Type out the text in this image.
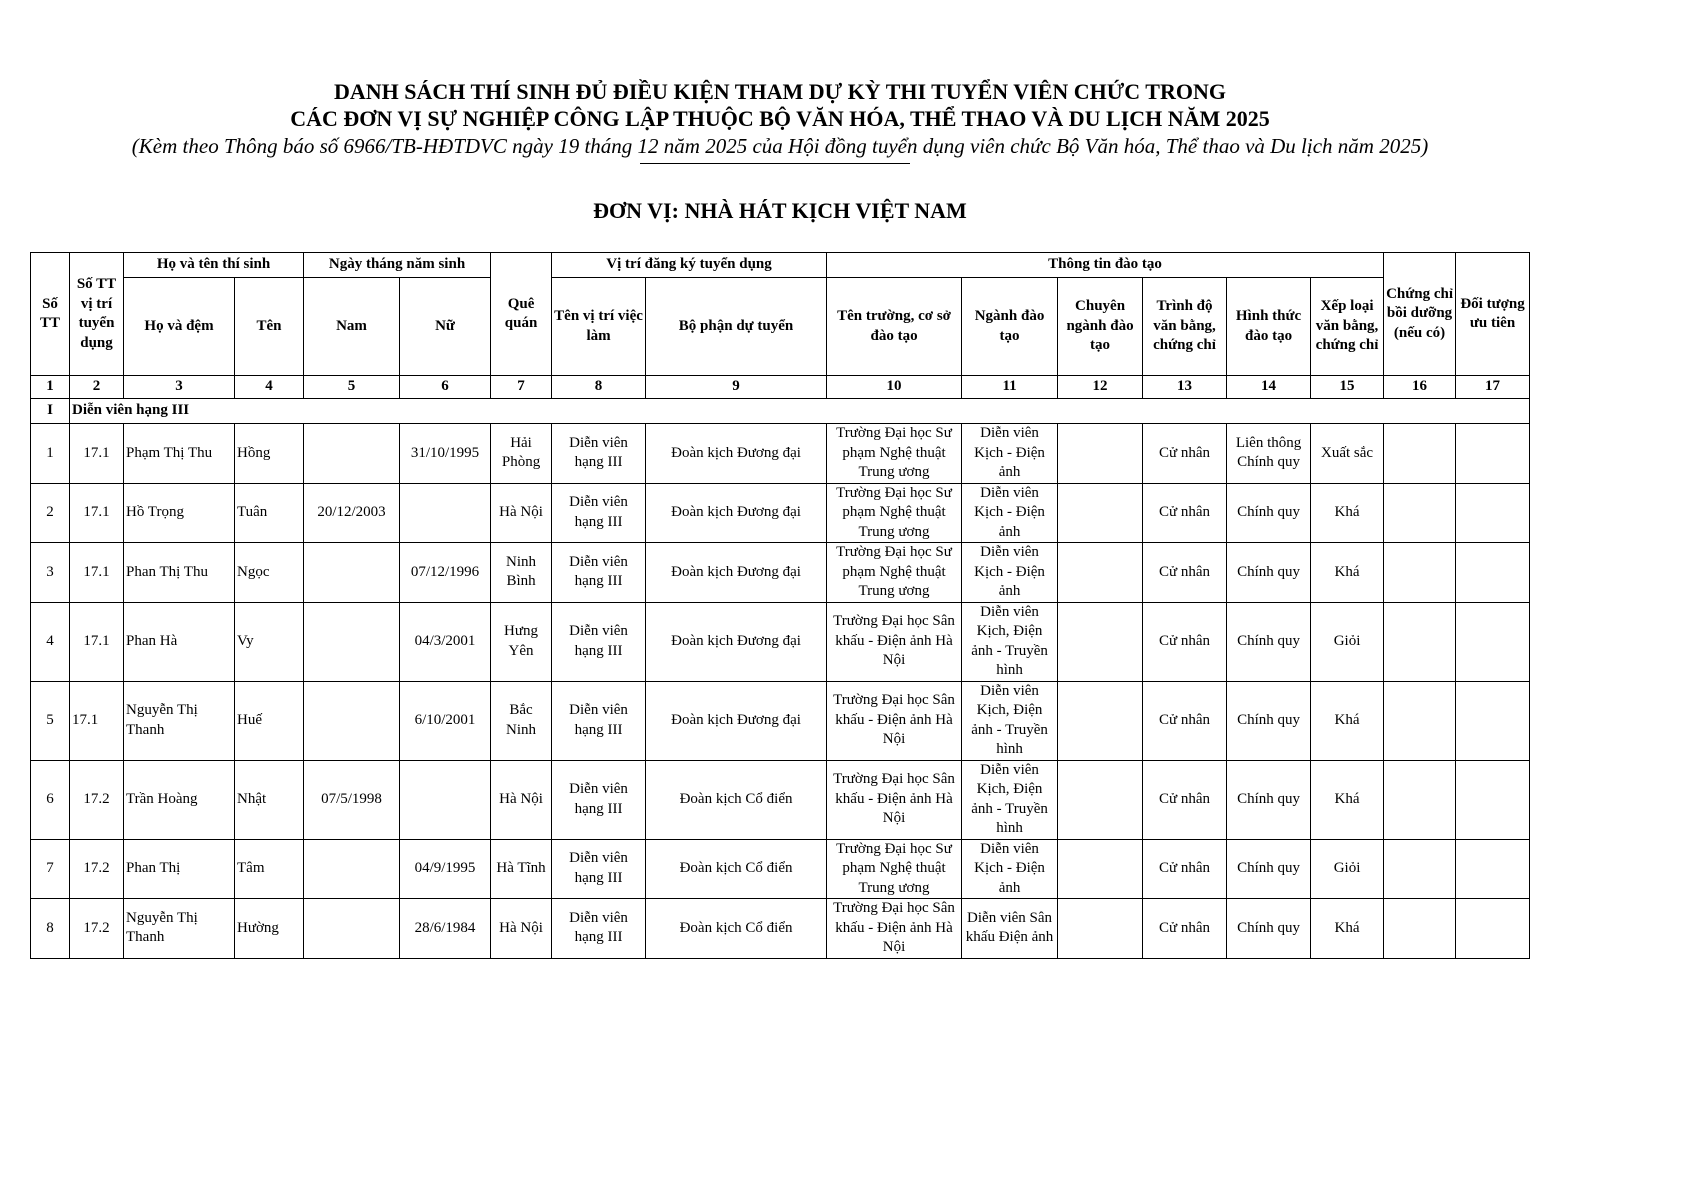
DANH SÁCH THÍ SINH ĐỦ ĐIỀU KIỆN THAM DỰ KỲ THI TUYỂN VIÊN CHỨC TRONG
CÁC ĐƠN VỊ SỰ NGHIỆP CÔNG LẬP THUỘC BỘ VĂN HÓA, THỂ THAO VÀ DU LỊCH NĂM 2025
(Kèm theo Thông báo số 6966/TB-HĐTDVC ngày 19 tháng 12 năm 2025 của Hội đồng tuyển dụng viên chức Bộ Văn hóa, Thể thao và Du lịch năm 2025)
ĐƠN VỊ: NHÀ HÁT KỊCH VIỆT NAM
Số TT	Số TT vị trí tuyển dụng	Họ và tên thí sinh		Ngày tháng năm sinh		Quê quán	Vị trí đăng ký tuyển dụng		Thông tin đào tạo						Chứng chỉ bồi dưỡng (nếu có)	Đối tượng ưu tiên
		Họ và đệm	Tên	Nam	Nữ		Tên vị trí việc làm	Bộ phận dự tuyển	Tên trường, cơ sở đào tạo	Ngành đào tạo	Chuyên ngành đào tạo	Trình độ văn bằng, chứng chỉ	Hình thức đào tạo	Xếp loại văn bằng, chứng chỉ		
1	2	3	4	5	6	7	8	9	10	11	12	13	14	15	16	17
I	Diễn viên hạng III															
1	17.1	Phạm Thị Thu	Hồng		31/10/1995	Hải Phòng	Diễn viên hạng III	Đoàn kịch Đương đại	Trường Đại học Sư phạm Nghệ thuật Trung ương	Diễn viên Kịch - Điện ảnh		Cử nhân	Liên thông Chính quy	Xuất sắc		
2	17.1	Hồ Trọng	Tuân	20/12/2003		Hà Nội	Diễn viên hạng III	Đoàn kịch Đương đại	Trường Đại học Sư phạm Nghệ thuật Trung ương	Diễn viên Kịch - Điện ảnh		Cử nhân	Chính quy	Khá		
3	17.1	Phan Thị Thu	Ngọc		07/12/1996	Ninh Bình	Diễn viên hạng III	Đoàn kịch Đương đại	Trường Đại học Sư phạm Nghệ thuật Trung ương	Diễn viên Kịch - Điện ảnh		Cử nhân	Chính quy	Khá		
4	17.1	Phan Hà	Vy		04/3/2001	Hưng Yên	Diễn viên hạng III	Đoàn kịch Đương đại	Trường Đại học Sân khấu - Điện ảnh Hà Nội	Diễn viên Kịch, Điện ảnh - Truyền hình		Cử nhân	Chính quy	Giỏi		
5	17.1	Nguyễn Thị Thanh	Huế		6/10/2001	Bắc Ninh	Diễn viên hạng III	Đoàn kịch Đương đại	Trường Đại học Sân khấu - Điện ảnh Hà Nội	Diễn viên Kịch, Điện ảnh - Truyền hình		Cử nhân	Chính quy	Khá		
6	17.2	Trần Hoàng	Nhật	07/5/1998		Hà Nội	Diễn viên hạng III	Đoàn kịch Cổ điển	Trường Đại học Sân khấu - Điện ảnh Hà Nội	Diễn viên Kịch, Điện ảnh - Truyền hình		Cử nhân	Chính quy	Khá		
7	17.2	Phan Thị	Tâm		04/9/1995	Hà Tĩnh	Diễn viên hạng III	Đoàn kịch Cổ điển	Trường Đại học Sư phạm Nghệ thuật Trung ương	Diễn viên Kịch - Điện ảnh		Cử nhân	Chính quy	Giỏi		
8	17.2	Nguyễn Thị Thanh	Hường		28/6/1984	Hà Nội	Diễn viên hạng III	Đoàn kịch Cổ điển	Trường Đại học Sân khấu - Điện ảnh Hà Nội	Diễn viên Sân khấu Điện ảnh		Cử nhân	Chính quy	Khá		
